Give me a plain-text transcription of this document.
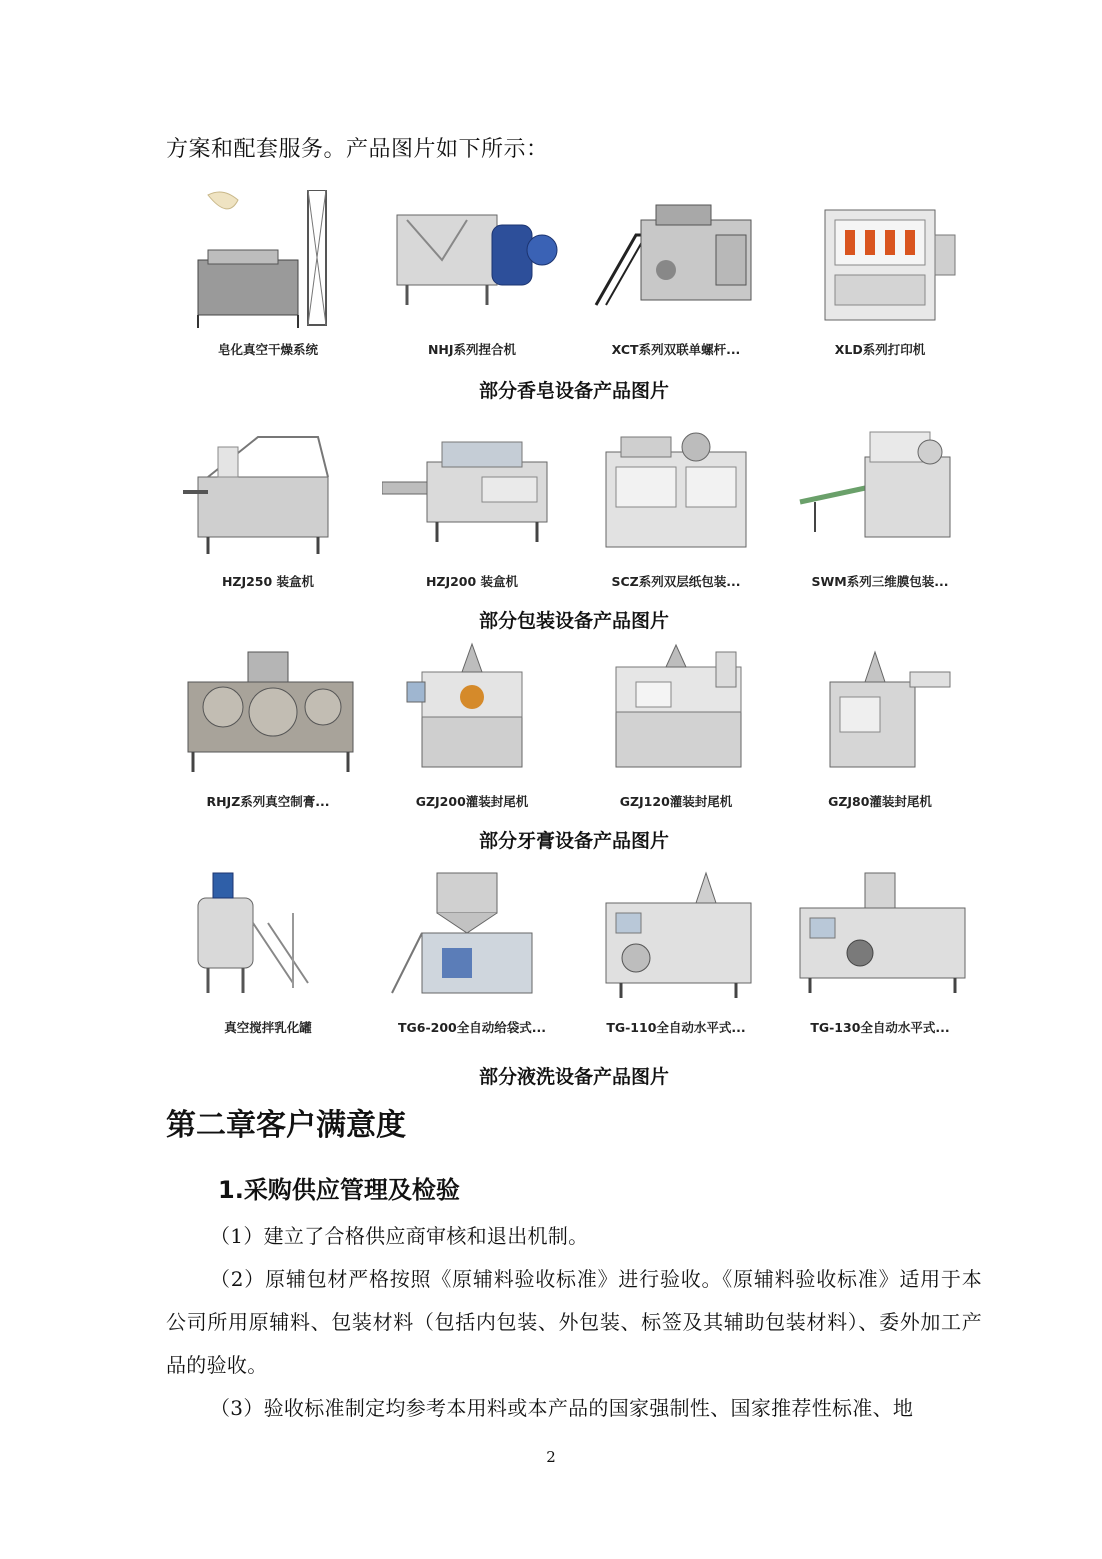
方案和配套服务。产品图片如下所示：
皂化真空干燥系统	NHJ系列捏合机	XCT系列双联单螺杆...	XLD系列打印机
部分香皂设备产品图片
HZJ250 装盒机	HZJ200 装盒机	SCZ系列双层纸包装...	SWM系列三维膜包装...
部分包装设备产品图片
RHJZ系列真空制膏...	GZJ200灌装封尾机	GZJ120灌装封尾机	GZJ80灌装封尾机
部分牙膏设备产品图片
真空搅拌乳化罐	TG6-200全自动给袋式...	TG-110全自动水平式...	TG-130全自动水平式...
部分液洗设备产品图片
第二章客户满意度
1.采购供应管理及检验
（1）建立了合格供应商审核和退出机制。
（2）原辅包材严格按照《原辅料验收标准》进行验收。《原辅料验收标准》适用于本公司所用原辅料、包装材料（包括内包装、外包装、标签及其辅助包装材料）、委外加工产品的验收。
（3）验收标准制定均参考本用料或本产品的国家强制性、国家推荐性标准、地
2
